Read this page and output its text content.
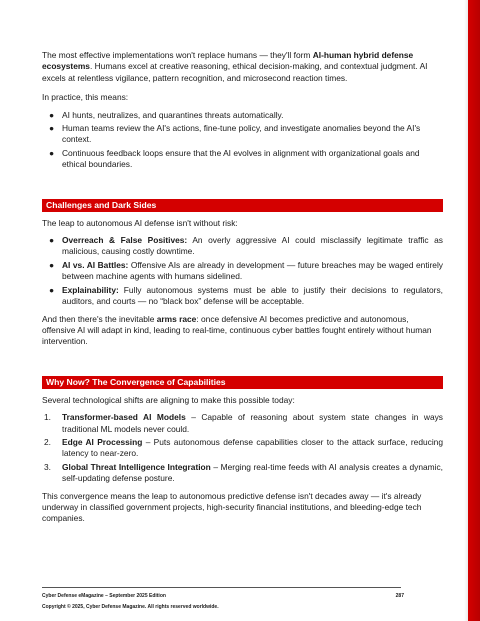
The most effective implementations won't replace humans — they'll form AI-human hybrid defense ecosystems. Humans excel at creative reasoning, ethical decision-making, and contextual judgment. AI excels at relentless vigilance, pattern recognition, and microsecond reaction times.

In practice, this means:

● AI hunts, neutralizes, and quarantines threats automatically.
● Human teams review the AI's actions, fine-tune policy, and investigate anomalies beyond the AI's context.
● Continuous feedback loops ensure that the AI evolves in alignment with organizational goals and ethical boundaries.
Challenges and Dark Sides

The leap to autonomous AI defense isn't without risk:

● Overreach & False Positives: An overly aggressive AI could misclassify legitimate traffic as malicious, causing costly downtime.
● AI vs. AI Battles: Offensive AIs are already in development — future breaches may be waged entirely between machine agents with humans sidelined.
● Explainability: Fully autonomous systems must be able to justify their decisions to regulators, auditors, and courts — no “black box” defense will be acceptable.

And then there's the inevitable arms race: once defensive AI becomes predictive and autonomous, offensive AI will adapt in kind, leading to real-time, continuous cyber battles fought entirely without human intervention.

Why Now? The Convergence of Capabilities

Several technological shifts are aligning to make this possible today:

1. Transformer-based AI Models – Capable of reasoning about system state changes in ways traditional ML models never could.
2. Edge AI Processing – Puts autonomous defense capabilities closer to the attack surface, reducing latency to near-zero.
3. Global Threat Intelligence Integration – Merging real-time feeds with AI analysis creates a dynamic, self-updating defense posture.

This convergence means the leap to autonomous predictive defense isn't decades away — it's already underway in classified government projects, high-security financial institutions, and bleeding-edge tech companies.

Cyber Defense eMagazine – September 2025 Edition	287
Copyright © 2025, Cyber Defense Magazine. All rights reserved worldwide.
